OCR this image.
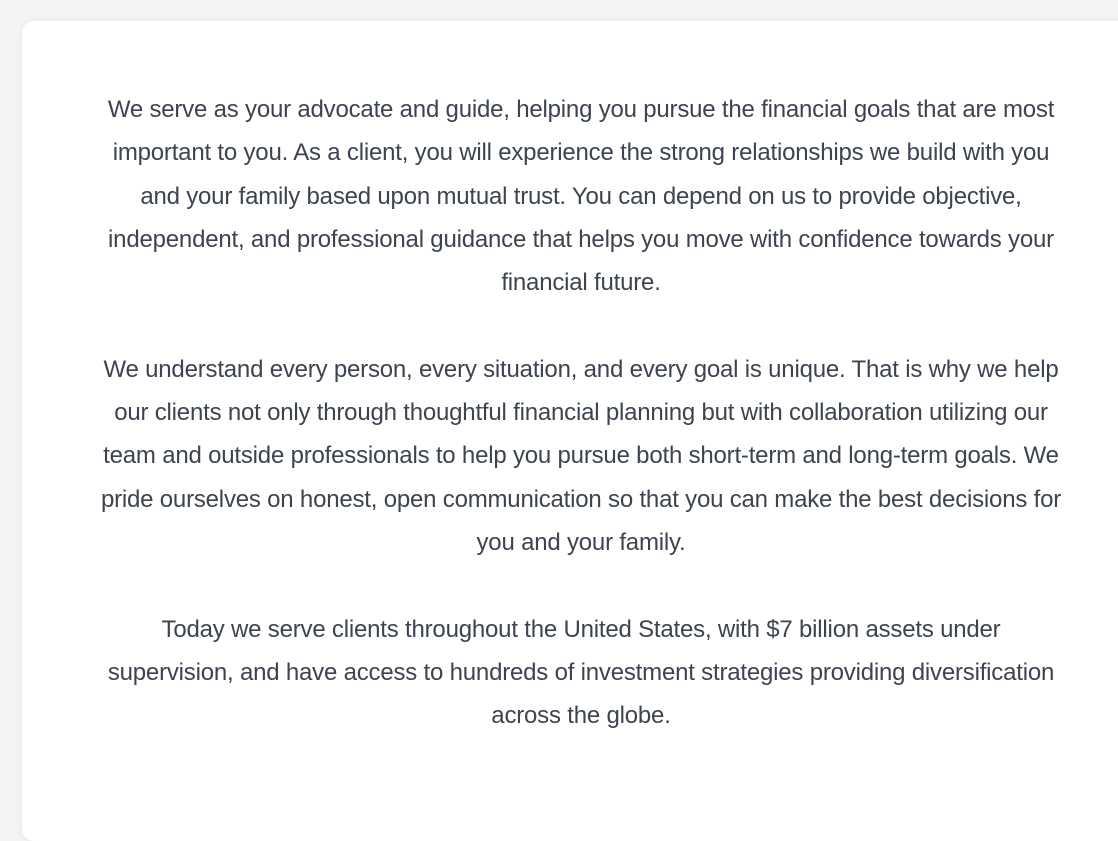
We serve as your advocate and guide, helping you pursue the financial goals that are most important to you. As a client, you will experience the strong relationships we build with you and your family based upon mutual trust. You can depend on us to provide objective, independent, and professional guidance that helps you move with confidence towards your financial future.

We understand every person, every situation, and every goal is unique. That is why we help our clients not only through thoughtful financial planning but with collaboration utilizing our team and outside professionals to help you pursue both short-term and long-term goals. We pride ourselves on honest, open communication so that you can make the best decisions for you and your family.

Today we serve clients throughout the United States, with $7 billion assets under supervision, and have access to hundreds of investment strategies providing diversification across the globe.
